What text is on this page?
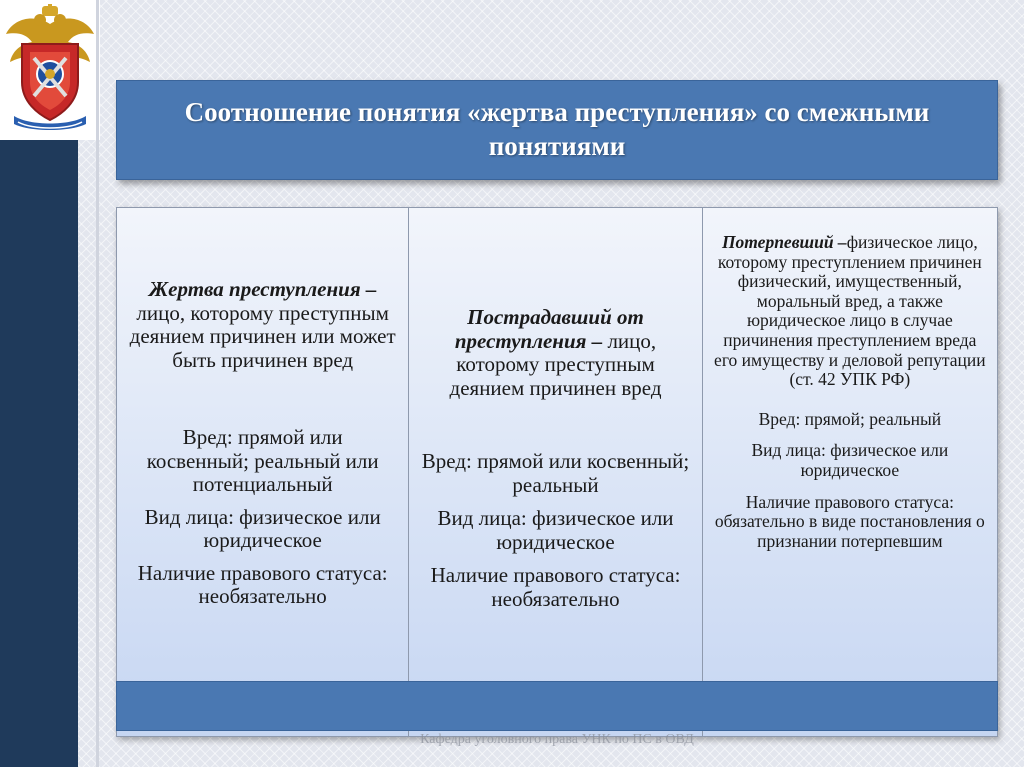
Соотношение понятия «жертва преступления» со смежными понятиями

Жертва преступления – лицо, которому преступным деянием причинен или может быть причинен вред

Вред: прямой или косвенный; реальный или потенциальный

Вид лица: физическое или юридическое

Наличие правового статуса: необязательно

Пострадавший от преступления – лицо, которому преступным деянием причинен вред

Вред: прямой или косвенный; реальный

Вид лица: физическое или юридическое

Наличие правового статуса: необязательно

Потерпевший –физическое лицо, которому преступлением причинен физический, имущественный, моральный вред, а также юридическое лицо в случае причинения преступлением вреда его имуществу и деловой репутации (ст. 42 УПК РФ)

Вред: прямой; реальный

Вид лица: физическое или юридическое

Наличие правового статуса: обязательно в виде постановления о признании потерпевшим

Кафедра уголовного права УНК по ПС в ОВД
